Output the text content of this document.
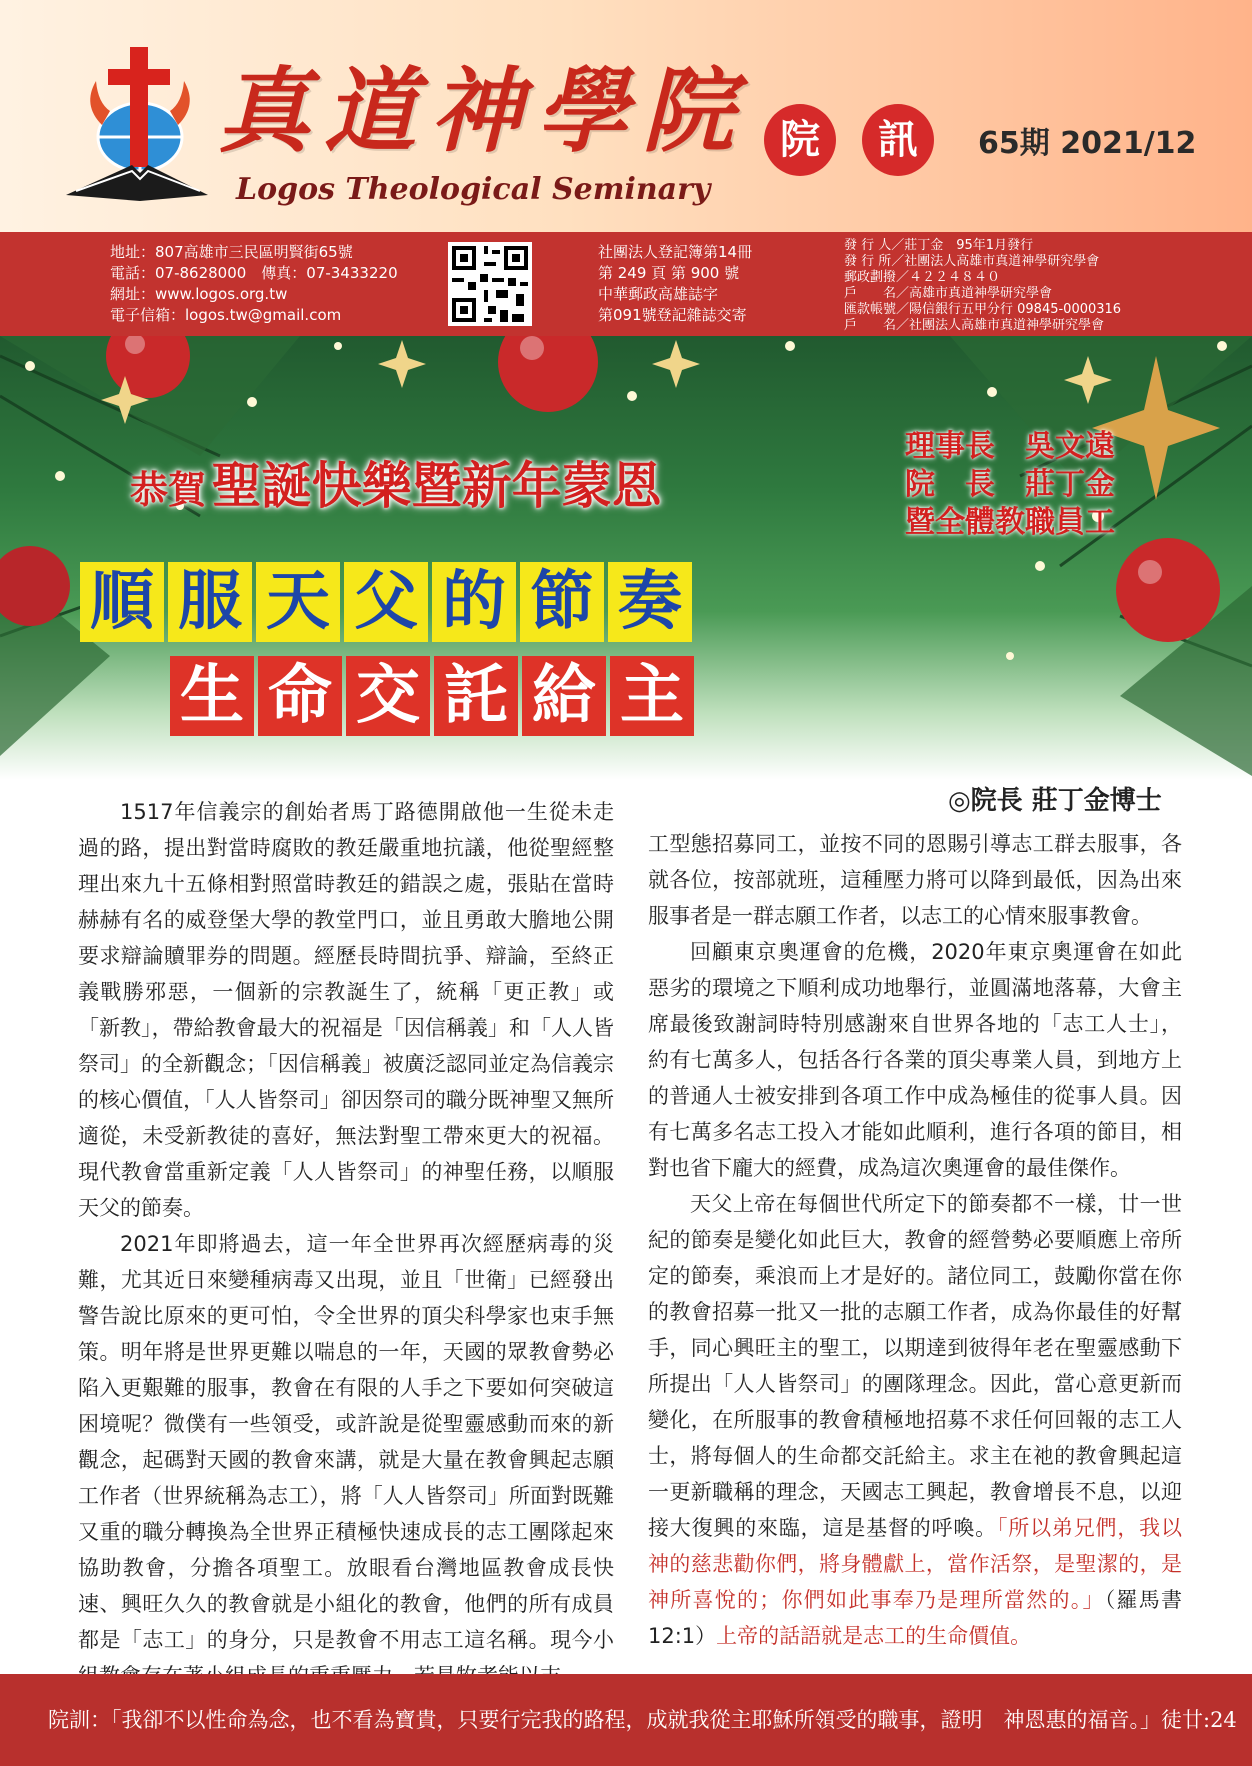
真道神學院
Logos Theological Seminary
院	訊	65期 2021/12
地址：807高雄市三民區明賢街65號
電話：07-8628000　傳真：07-3433220
網址：www.logos.org.tw
電子信箱：logos.tw@gmail.com
社團法人登記簿第14冊
第 249 頁 第 900 號
中華郵政高雄誌字
第091號登記雜誌交寄
發 行 人／莊丁金　95年1月發行
發 行 所／社團法人高雄市真道神學研究學會
郵政劃撥／４２２４８４０
戶　　名／高雄市真道神學研究學會
匯款帳號／陽信銀行五甲分行 09845-0000316
戶　　名／社團法人高雄市真道神學研究學會
恭賀 聖誕快樂暨新年蒙恩
理事長　吳文遠
院　長　莊丁金
暨全體教職員工
順 服 天 父 的 節 奏
生 命 交 託 給 主
◎院長 莊丁金博士

1517年信義宗的創始者馬丁路德開啟他一生從未走過的路，提出對當時腐敗的教廷嚴重地抗議，他從聖經整理出來九十五條相對照當時教廷的錯誤之處，張貼在當時赫赫有名的威登堡大學的教堂門口，並且勇敢大膽地公開要求辯論贖罪券的問題。經歷長時間抗爭、辯論，至終正義戰勝邪惡，一個新的宗教誕生了，統稱「更正教」或「新教」，帶給教會最大的祝福是「因信稱義」和「人人皆祭司」的全新觀念；「因信稱義」被廣泛認同並定為信義宗的核心價值，「人人皆祭司」卻因祭司的職分既神聖又無所適從，未受新教徒的喜好，無法對聖工帶來更大的祝福。現代教會當重新定義「人人皆祭司」的神聖任務，以順服天父的節奏。

2021年即將過去，這一年全世界再次經歷病毒的災難，尤其近日來變種病毒又出現，並且「世衛」已經發出警告說比原來的更可怕，令全世界的頂尖科學家也束手無策。明年將是世界更難以喘息的一年，天國的眾教會勢必陷入更艱難的服事，教會在有限的人手之下要如何突破這困境呢？微僕有一些領受，或許說是從聖靈感動而來的新觀念，起碼對天國的教會來講，就是大量在教會興起志願工作者（世界統稱為志工），將「人人皆祭司」所面對既難又重的職分轉換為全世界正積極快速成長的志工團隊起來協助教會，分擔各項聖工。放眼看台灣地區教會成長快速、興旺久久的教會就是小組化的教會，他們的所有成員都是「志工」的身分，只是教會不用志工這名稱。現今小

工型態招募同工，並按不同的恩賜引導志工群去服事，各就各位，按部就班，這種壓力將可以降到最低，因為出來服事者是一群志願工作者，以志工的心情來服事教會。

回顧東京奧運會的危機，2020年東京奧運會在如此惡劣的環境之下順利成功地舉行，並圓滿地落幕，大會主席最後致謝詞時特別感謝來自世界各地的「志工人士」，約有七萬多人，包括各行各業的頂尖專業人員，到地方上的普通人士被安排到各項工作中成為極佳的從事人員。因有七萬多名志工投入才能如此順利，進行各項的節目，相對也省下龐大的經費，成為這次奧運會的最佳傑作。

天父上帝在每個世代所定下的節奏都不一樣，廿一世紀的節奏是變化如此巨大，教會的經營勢必要順應上帝所定的節奏，乘浪而上才是好的。諸位同工，鼓勵你當在你的教會招募一批又一批的志願工作者，成為你最佳的好幫手，同心興旺主的聖工，以期達到彼得年老在聖靈感動下所提出「人人皆祭司」的團隊理念。因此，當心意更新而變化，在所服事的教會積極地招募不求任何回報的志工人士，將每個人的生命都交託給主。求主在祂的教會興起這一更新職稱的理念，天國志工興起，教會增長不息，以迎接大復興的來臨，這是基督的呼喚。「所以弟兄們，我以神的慈悲勸你們，將身體獻上，當作活祭，是聖潔的，是神所喜悅的；你們如此事奉乃是理所當然的。」（羅馬書12:1）上帝的話語就是志工的生命價值。

院訓：「我卻不以性命為念，也不看為寶貴，只要行完我的路程，成就我從主耶穌所領受的職事，證明　神恩惠的福音。」徒廿:24
